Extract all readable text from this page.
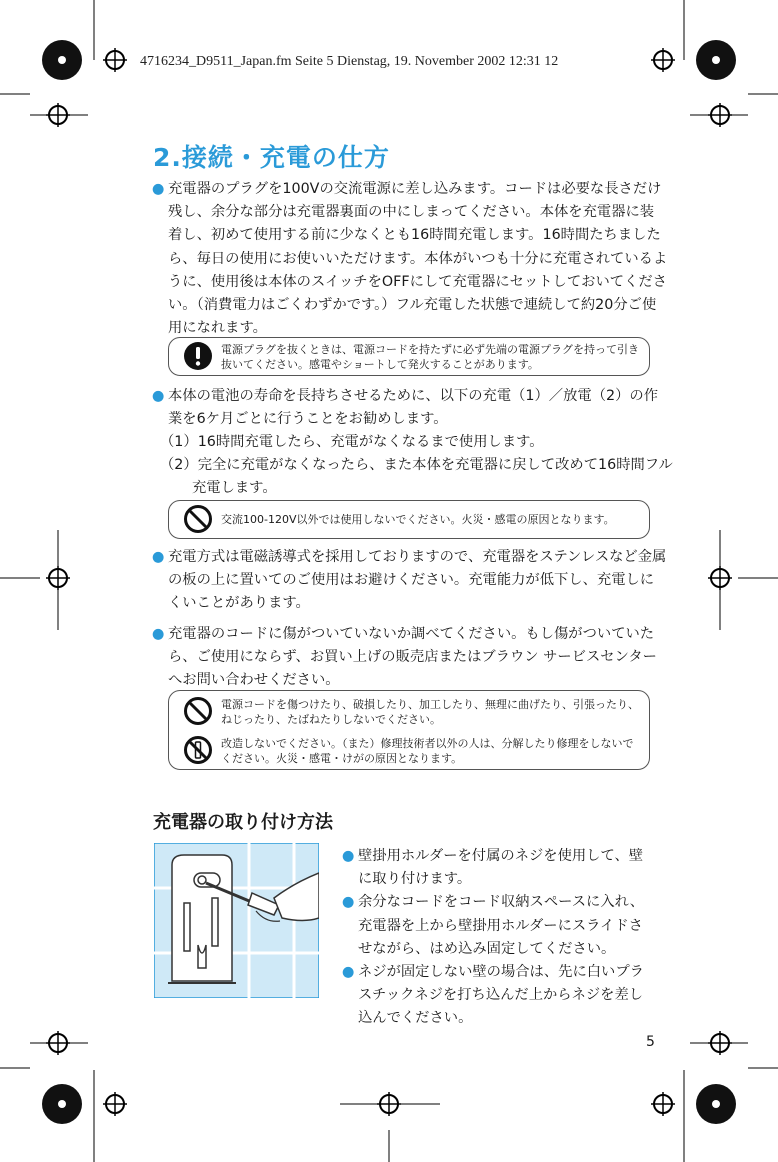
4716234_D9511_Japan.fm Seite 5 Dienstag, 19. November 2002 12:31 12
2.接続・充電の仕方
● 充電器のプラグを100Vの交流電源に差し込みます。コードは必要な長さだけ残し、余分な部分は充電器裏面の中にしまってください。本体を充電器に装着し、初めて使用する前に少なくとも16時間充電します。16時間たちましたら、毎日の使用にお使いいただけます。本体がいつも十分に充電されているように、使用後は本体のスイッチをOFFにして充電器にセットしておいてください。（消費電力はごくわずかです。）フル充電した状態で連続して約20分ご使用になれます。
電源プラグを抜くときは、電源コードを持たずに必ず先端の電源プラグを持って引き抜いてください。感電やショートして発火することがあります。
● 本体の電池の寿命を長持ちさせるために、以下の充電（1）／放電（2）の作業を6ケ月ごとに行うことをお勧めします。
（1）16時間充電したら、充電がなくなるまで使用します。
（2）完全に充電がなくなったら、また本体を充電器に戻して改めて16時間フル充電します。
交流100-120V以外では使用しないでください。火災・感電の原因となります。
● 充電方式は電磁誘導式を採用しておりますので、充電器をステンレスなど金属の板の上に置いてのご使用はお避けください。充電能力が低下し、充電しにくいことがあります。
● 充電器のコードに傷がついていないか調べてください。もし傷がついていたら、ご使用にならず、お買い上げの販売店またはブラウン サービスセンターへお問い合わせください。
電源コードを傷つけたり、破損したり、加工したり、無理に曲げたり、引張ったり、ねじったり、たばねたりしないでください。
改造しないでください。（また）修理技術者以外の人は、分解したり修理をしないでください。火災・感電・けがの原因となります。
充電器の取り付け方法

● 壁掛用ホルダーを付属のネジを使用して、壁に取り付けます。

● 余分なコードをコード収納スペースに入れ、充電器を上から壁掛用ホルダーにスライドさせながら、はめ込み固定してください。

● ネジが固定しない壁の場合は、先に白いプラスチックネジを打ち込んだ上からネジを差し込んでください。

5
